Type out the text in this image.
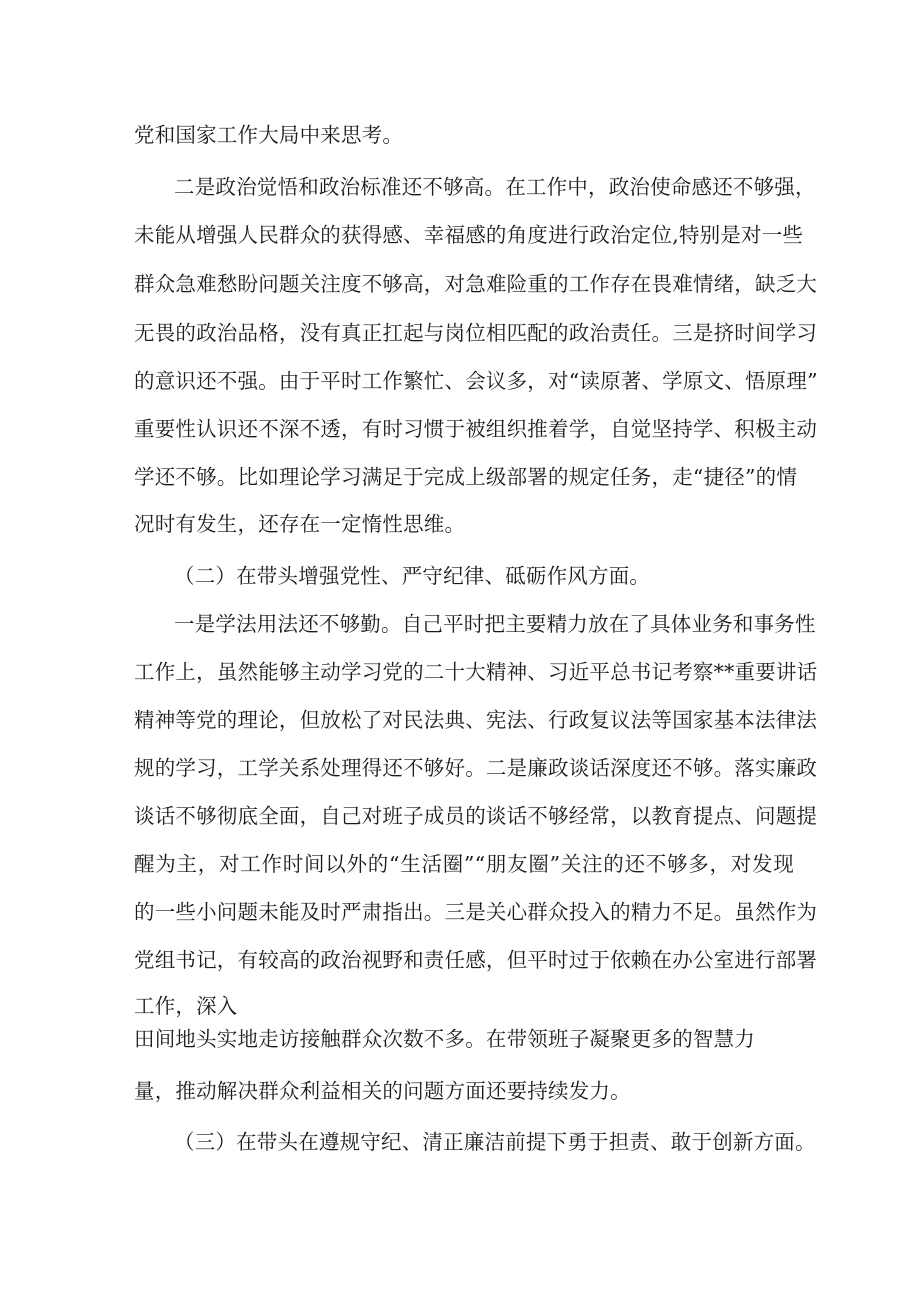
党和国家工作大局中来思考。
二是政治觉悟和政治标准还不够高。在工作中，政治使命感还不够强，
未能从增强人民群众的获得感、幸福感的角度进行政治定位,特别是对一些
群众急难愁盼问题关注度不够高，对急难险重的工作存在畏难情绪，缺乏大
无畏的政治品格，没有真正扛起与岗位相匹配的政治责任。三是挤时间学习
的意识还不强。由于平时工作繁忙、会议多，对“读原著、学原文、悟原理”
重要性认识还不深不透，有时习惯于被组织推着学，自觉坚持学、积极主动
学还不够。比如理论学习满足于完成上级部署的规定任务，走“捷径”的情
况时有发生，还存在一定惰性思维。
（二）在带头增强党性、严守纪律、砥砺作风方面。
一是学法用法还不够勤。自己平时把主要精力放在了具体业务和事务性
工作上，虽然能够主动学习党的二十大精神、习近平总书记考察**重要讲话
精神等党的理论，但放松了对民法典、宪法、行政复议法等国家基本法律法
规的学习，工学关系处理得还不够好。二是廉政谈话深度还不够。落实廉政
谈话不够彻底全面，自己对班子成员的谈话不够经常，以教育提点、问题提
醒为主，对工作时间以外的“生活圈”“朋友圈”关注的还不够多，对发现
的一些小问题未能及时严肃指出。三是关心群众投入的精力不足。虽然作为
党组书记，有较高的政治视野和责任感，但平时过于依赖在办公室进行部署
工作，深入
田间地头实地走访接触群众次数不多。在带领班子凝聚更多的智慧力
量，推动解决群众利益相关的问题方面还要持续发力。
（三）在带头在遵规守纪、清正廉洁前提下勇于担责、敢于创新方面。
